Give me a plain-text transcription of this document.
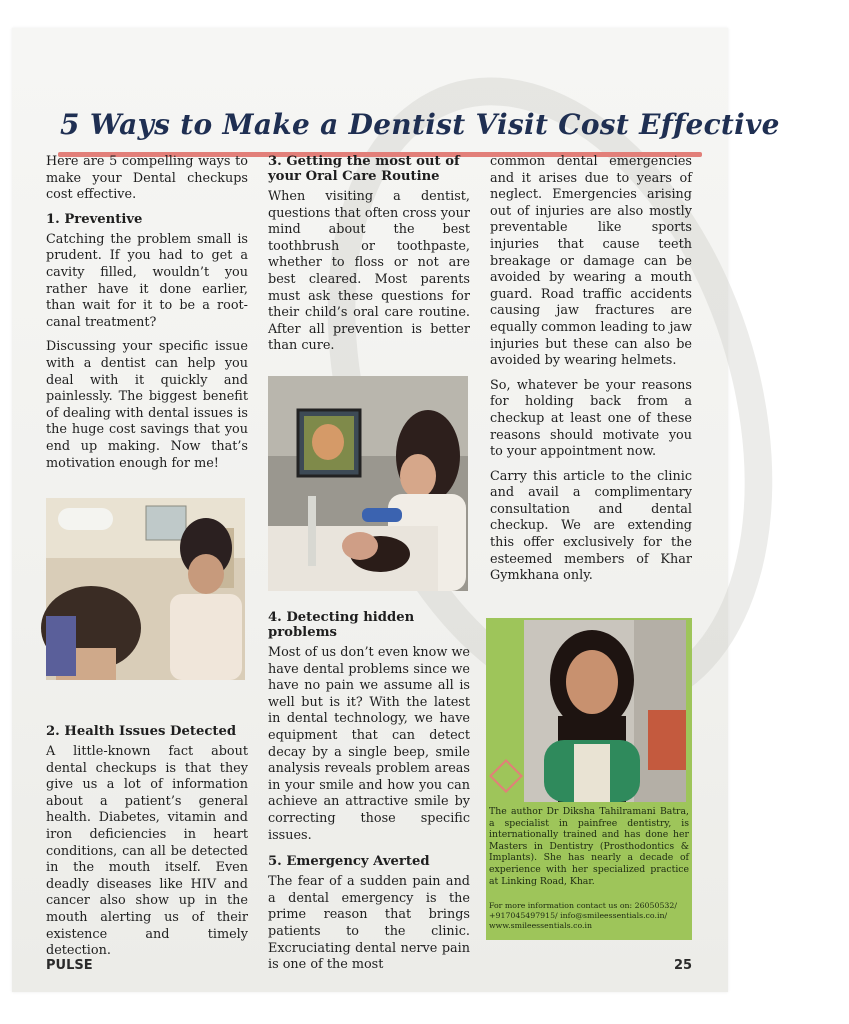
5 Ways to Make a Dentist Visit Cost Effective

Here are 5 compelling ways to make your Dental checkups cost effective.

1. Preventive

Catching the problem small is prudent. If you had to get a cavity filled, wouldn’t you rather have it done earlier, than wait for it to be a root-canal treatment?

Discussing your specific issue with a dentist can help you deal with it quickly and painlessly. The biggest benefit of dealing with dental issues is the huge cost savings that you end up making. Now that’s motivation enough for me!

2. Health Issues Detected

A little-known fact about dental checkups is that they give us a lot of information about a patient’s general health. Diabetes, vitamin and iron deficiencies in heart conditions, can all be detected in the mouth itself. Even deadly diseases like HIV and cancer also show up in the mouth alerting us of their existence and timely detection.

3. Getting the most out of your Oral Care Routine

When visiting a dentist, questions that often cross your mind about the best toothbrush or toothpaste, whether to floss or not are best cleared. Most parents must ask these questions for their child’s oral care routine. After all prevention is better than cure.

4. Detecting hidden problems

Most of us don’t even know we have dental problems since we have no pain we assume all is well but is it? With the latest in dental technology, we have equipment that can detect decay by a single beep, smile analysis reveals problem areas in your smile and how you can achieve an attractive smile by correcting those specific issues.

5. Emergency Averted

The fear of a sudden pain and a dental emergency is the prime reason that brings patients to the clinic. Excruciating dental nerve pain is one of the most

common dental emergencies and it arises due to years of neglect. Emergencies arising out of injuries are also mostly preventable like sports injuries that cause teeth breakage or damage can be avoided by wearing a mouth guard. Road traffic accidents causing jaw fractures are equally common leading to jaw injuries but these can also be avoided by wearing helmets.

So, whatever be your reasons for holding back from a checkup at least one of these reasons should motivate you to your appointment now.

Carry this article to the clinic and avail a complimentary consultation and dental checkup. We are extending this offer exclusively for the esteemed members of Khar Gymkhana only.

The author Dr Diksha Tahilramani Batra, a specialist in painfree dentistry, is internationally trained and has done her Masters in Dentistry (Prosthodontics & Implants). She has nearly a decade of experience with her specialized practice at Linking Road, Khar.
For more information contact us on: 26050532/ +917045497915/ info@smileessentials.co.in/ www.smileessentials.co.in
PULSE	25
